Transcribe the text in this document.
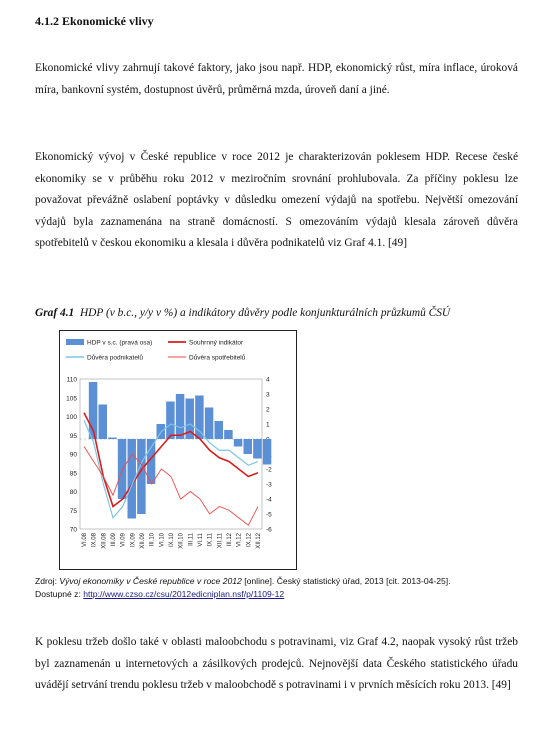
4.1.2 Ekonomické vlivy

Ekonomické vlivy zahrnují takové faktory, jako jsou např. HDP, ekonomický růst, míra inflace, úroková míra, bankovní systém, dostupnost úvěrů, průměrná mzda, úroveň daní a jiné.

Ekonomický vývoj v České republice v roce 2012 je charakterizován poklesem HDP. Recese české ekonomiky se v průběhu roku 2012 v meziročním srovnání prohlubovala. Za příčiny poklesu lze považovat převážně oslabení poptávky v důsledku omezení výdajů na spotřebu. Největší omezování výdajů byla zaznamenána na straně domácností. S omezováním výdajů klesala zároveň důvěra spotřebitelů v českou ekonomiku a klesala i důvěra podnikatelů viz Graf 4.1. [49]

Graf 4.1 HDP (v b.c., y/y v %) a indikátory důvěry podle konjunkturálních průzkumů ČSÚ
110
105
100
95
90
85
80
75
70
4
3
2
1
-2
-3
-4
-5
-6
VI.08 IX.08 XII.08 III.09 VI.09 IX.09 XII.09 III.10 VI.10 IX.10 XII.10 III.11 VI.11 IX.11 XII.11 III.12 VI.12 IX.12 XII.12
HDP v s.c. (pravá osa)	Souhrnný indikátor
Důvěra podnikatelů	Důvěra spotřebitelů
Zdroj: Vývoj ekonomiky v České republice v roce 2012 [online]. Český statistický úřad, 2013 [cit. 2013-04-25].
Dostupné z: http://www.czso.cz/csu/2012edicniplan.nsf/p/1109-12

K poklesu tržeb došlo také v oblasti maloobchodu s potravinami, viz Graf 4.2, naopak vysoký růst tržeb byl zaznamenán u internetových a zásilkových prodejců. Nejnovější data Českého statistického úřadu uvádějí setrvání trendu poklesu tržeb v maloobchodě s potravinami i v prvních měsících roku 2013. [49]
